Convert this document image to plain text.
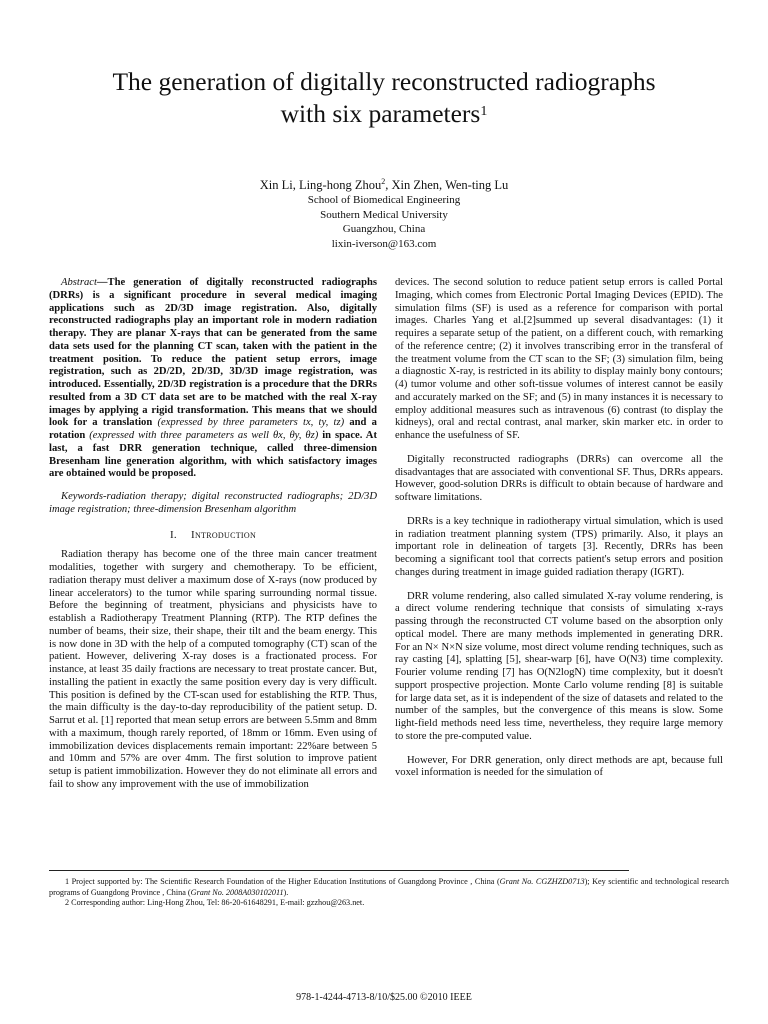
The generation of digitally reconstructed radiographs
with six parameters$^1$
Xin Li, Ling-hong Zhou$^2$, Xin Zhen, Wen-ting Lu
School of Biomedical Engineering
Southern Medical University
Guangzhou, China
lixin-iverson@163.com

Abstract—The generation of digitally reconstructed radiographs (DRRs) is a significant procedure in several medical imaging applications such as 2D/3D image registration. Also, digitally reconstructed radiographs play an important role in modern radiation therapy. They are planar X-rays that can be generated from the same data sets used for the planning CT scan, taken with the patient in the treatment position. To reduce the patient setup errors, image registration, such as 2D/2D, 2D/3D, 3D/3D image registration, was introduced. Essentially, 2D/3D registration is a procedure that the DRRs resulted from a 3D CT data set are to be matched with the real X-ray images by applying a rigid transformation. This means that we should look for a translation (expressed by three parameters tx, ty, tz) and a rotation (expressed with three parameters as well θx, θy, θz) in space. At last, a fast DRR generation technique, called three-dimension Bresenham line generation algorithm, with which satisfactory images are obtained would be proposed.

Keywords-radiation therapy; digital reconstructed radiographs; 2D/3D image registration; three-dimension Bresenham algorithm

I. Introduction

Radiation therapy has become one of the three main cancer treatment modalities, together with surgery and chemotherapy. To be efficient, radiation therapy must deliver a maximum dose of X-rays (now produced by linear accelerators) to the tumor while sparing surrounding normal tissue. Before the beginning of treatment, physicians and physicists have to establish a Radiotherapy Treatment Planning (RTP). The RTP defines the number of beams, their size, their shape, their tilt and the beam energy. This is now done in 3D with the help of a computed tomography (CT) scan of the patient. However, delivering X-ray doses is a fractionated process. For instance, at least 35 daily fractions are necessary to treat prostate cancer. But, installing the patient in exactly the same position every day is very difficult. This position is defined by the CT-scan used for establishing the RTP. Thus, the main difficulty is the day-to-day reproducibility of the patient setup. D. Sarrut et al. [1] reported that mean setup errors are between 5.5mm and 8mm with a maximum, though rarely reported, of 18mm or 16mm. Even using of immobilization devices displacements remain important: 22%are between 5 and 10mm and 57% are over 4mm. The first solution to improve patient setup is patient immobilization. However they do not eliminate all errors and fail to show any improvement with the use of immobilization

devices. The second solution to reduce patient setup errors is called Portal Imaging, which comes from Electronic Portal Imaging Devices (EPID). The simulation films (SF) is used as a reference for comparison with portal images. Charles Yang et al.[2]summed up several disadvantages: (1) it requires a separate setup of the patient, on a different couch, with remarking of the reference centre; (2) it involves transcribing error in the transferal of the treatment volume from the CT scan to the SF; (3) simulation film, being a diagnostic X-ray, is restricted in its ability to display mainly bony contours; (4) tumor volume and other soft-tissue volumes of interest cannot be easily and accurately marked on the SF; and (5) in many instances it is necessary to employ additional measures such as intravenous (6) contrast (to display the kidneys), oral and rectal contrast, anal marker, skin marker etc. in order to enhance the usefulness of SF.

Digitally reconstructed radiographs (DRRs) can overcome all the disadvantages that are associated with conventional SF. Thus, DRRs appears. However, good-solution DRRs is difficult to obtain because of hardware and software limitations.

DRRs is a key technique in radiotherapy virtual simulation, which is used in radiation treatment planning system (TPS) primarily. Also, it plays an important role in delineation of targets [3]. Recently, DRRs has been becoming a significant tool that corrects patient's setup errors and position changes during treatment in image guided radiation therapy (IGRT).

DRR volume rendering, also called simulated X-ray volume rendering, is a direct volume rendering technique that consists of simulating x-rays passing through the reconstructed CT volume based on the absorption only optical model. There are many methods implemented in generating DRR. For an N× N×N size volume, most direct volume rending techniques, such as ray casting [4], splatting [5], shear-warp [6], have O(N3) time complexity. Fourier volume rending [7] has O(N2logN) time complexity, but it doesn't support prospective projection. Monte Carlo volume rending [8] is suitable for large data set, as it is independent of the size of datasets and related to the number of the samples, but the convergence of this means is slow. Some light-field methods need less time, nevertheless, they require large memory to store the pre-computed value.

However, For DRR generation, only direct methods are apt, because full voxel information is needed for the simulation of

1 Project supported by: The Scientific Research Foundation of the Higher Education Institutions of Guangdong Province , China (Grant No. CGZHZD0713); Key scientific and technological research programs of Guangdong Province , China (Grant No. 2008A030102011).

2 Corresponding author: Ling-Hong Zhou, Tel: 86-20-61648291, E-mail: gzzhou@263.net.

978-1-4244-4713-8/10/$25.00 ©2010 IEEE
